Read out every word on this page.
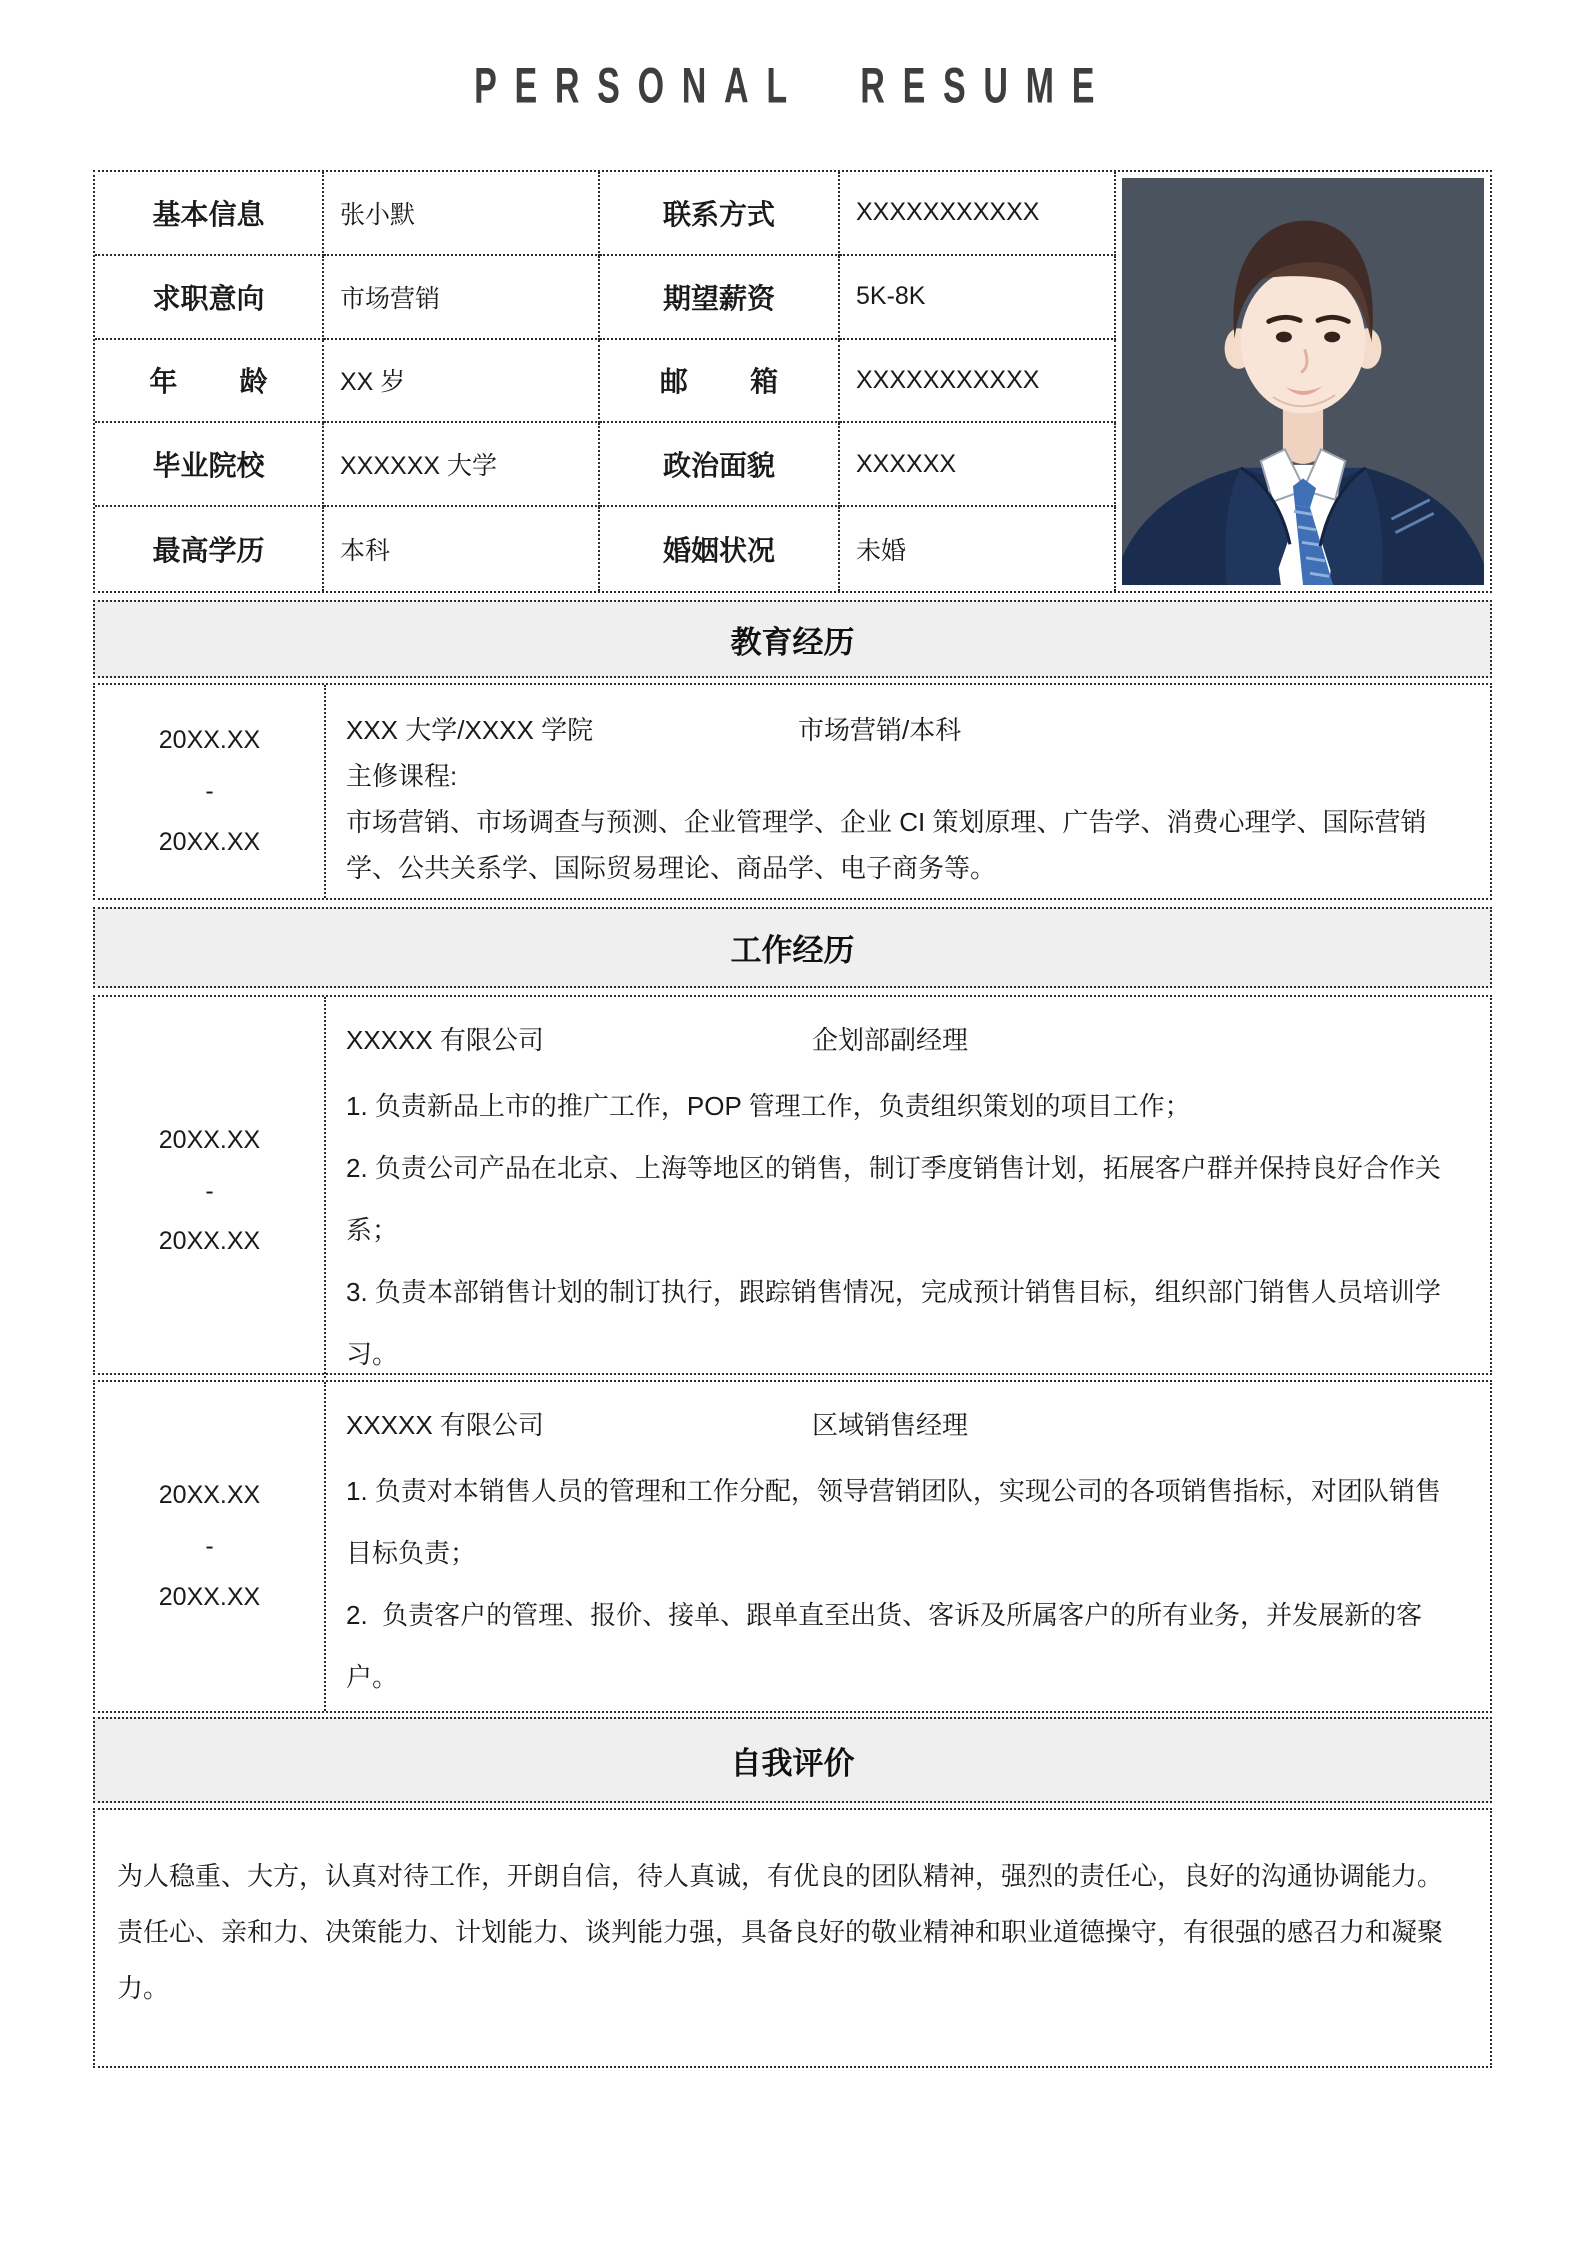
PERSONAL RESUME
基本信息	张小默	联系方式	XXXXXXXXXXX
求职意向	市场营销	期望薪资	5K-8K
年        龄	XX 岁	邮        箱	XXXXXXXXXXX
毕业院校	XXXXXX 大学	政治面貌	XXXXXX
最高学历	本科	婚姻状况	未婚
教育经历
20XX.XX
-
20XX.XX
XXX 大学/XXXX 学院	市场营销/本科
主修课程:
市场营销、市场调查与预测、企业管理学、企业 CI 策划原理、广告学、消费心理学、国际营销学、公共关系学、国际贸易理论、商品学、电子商务等。
工作经历
20XX.XX
-
20XX.XX
XXXXX 有限公司	企划部副经理

1. 负责新品上市的推广工作，POP 管理工作，负责组织策划的项目工作；

2. 负责公司产品在北京、上海等地区的销售，制订季度销售计划，拓展客户群并保持良好合作关系；

3. 负责本部销售计划的制订执行，跟踪销售情况，完成预计销售目标，组织部门销售人员培训学习。

20XX.XX
-
20XX.XX
XXXXX 有限公司	区域销售经理

1. 负责对本销售人员的管理和工作分配，领导营销团队，实现公司的各项销售指标，对团队销售目标负责；

2.  负责客户的管理、报价、接单、跟单直至出货、客诉及所属客户的所有业务，并发展新的客户。

自我评价

为人稳重、大方，认真对待工作，开朗自信，待人真诚，有优良的团队精神，强烈的责任心，良好的沟通协调能力。责任心、亲和力、决策能力、计划能力、谈判能力强，具备良好的敬业精神和职业道德操守，有很强的感召力和凝聚力。
